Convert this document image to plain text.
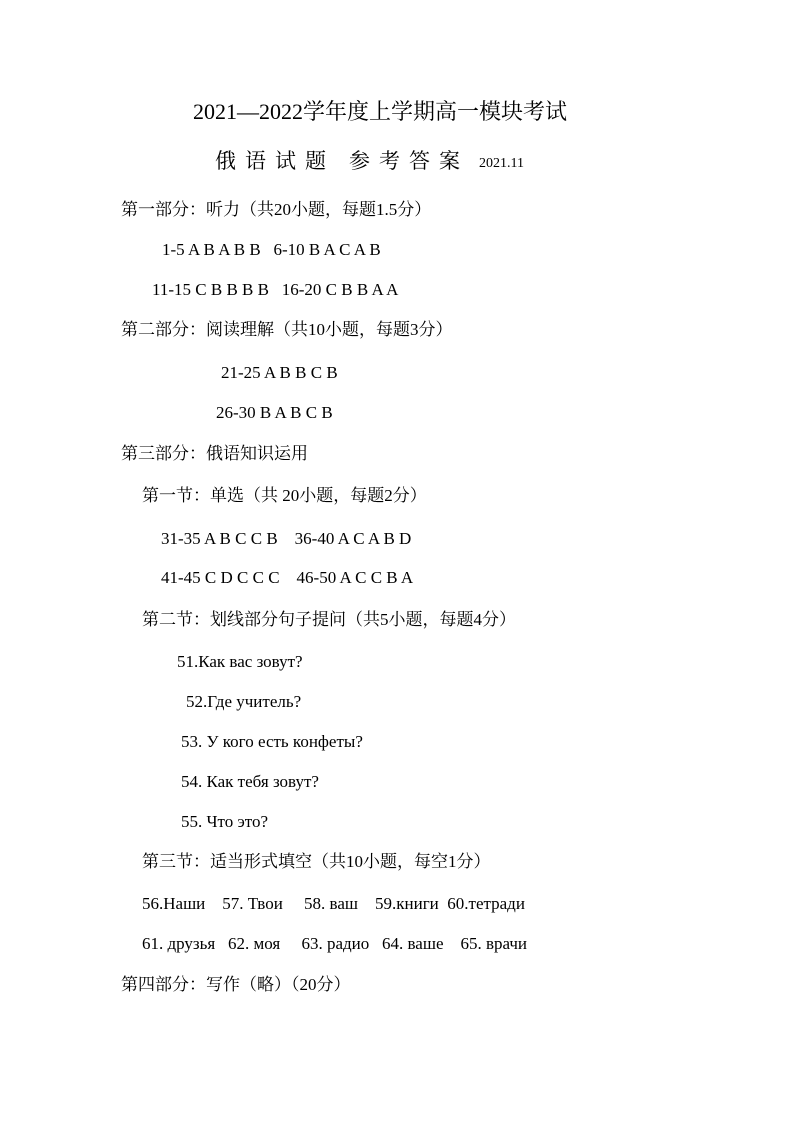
2021—2022学年度上学期高一模块考试
俄语试题 参考答案 2021.11
第一部分：听力（共20小题，每题1.5分）
1-5 A B A B B   6-10 B A C A B
11-15 C B B B B   16-20 C B B A A
第二部分：阅读理解（共10小题，每题3分）
21-25 A B B C B
26-30 B A B C B
第三部分：俄语知识运用
第一节：单选（共 20小题，每题2分）
31-35 A B C C B    36-40 A C A B D
41-45 C D C C C    46-50 A C C B A
第二节：划线部分句子提问（共5小题，每题4分）
51.Как вас зовут?
52.Где учитель?
53. У кого есть конфеты?
54. Как тебя зовут?
55. Что это?
第三节：适当形式填空（共10小题，每空1分）
56.Наши    57. Твои     58. ваш    59.книги  60.тетради
61. друзья   62. моя     63. радио   64. ваше    65. врачи
第四部分：写作（略）（20分）
